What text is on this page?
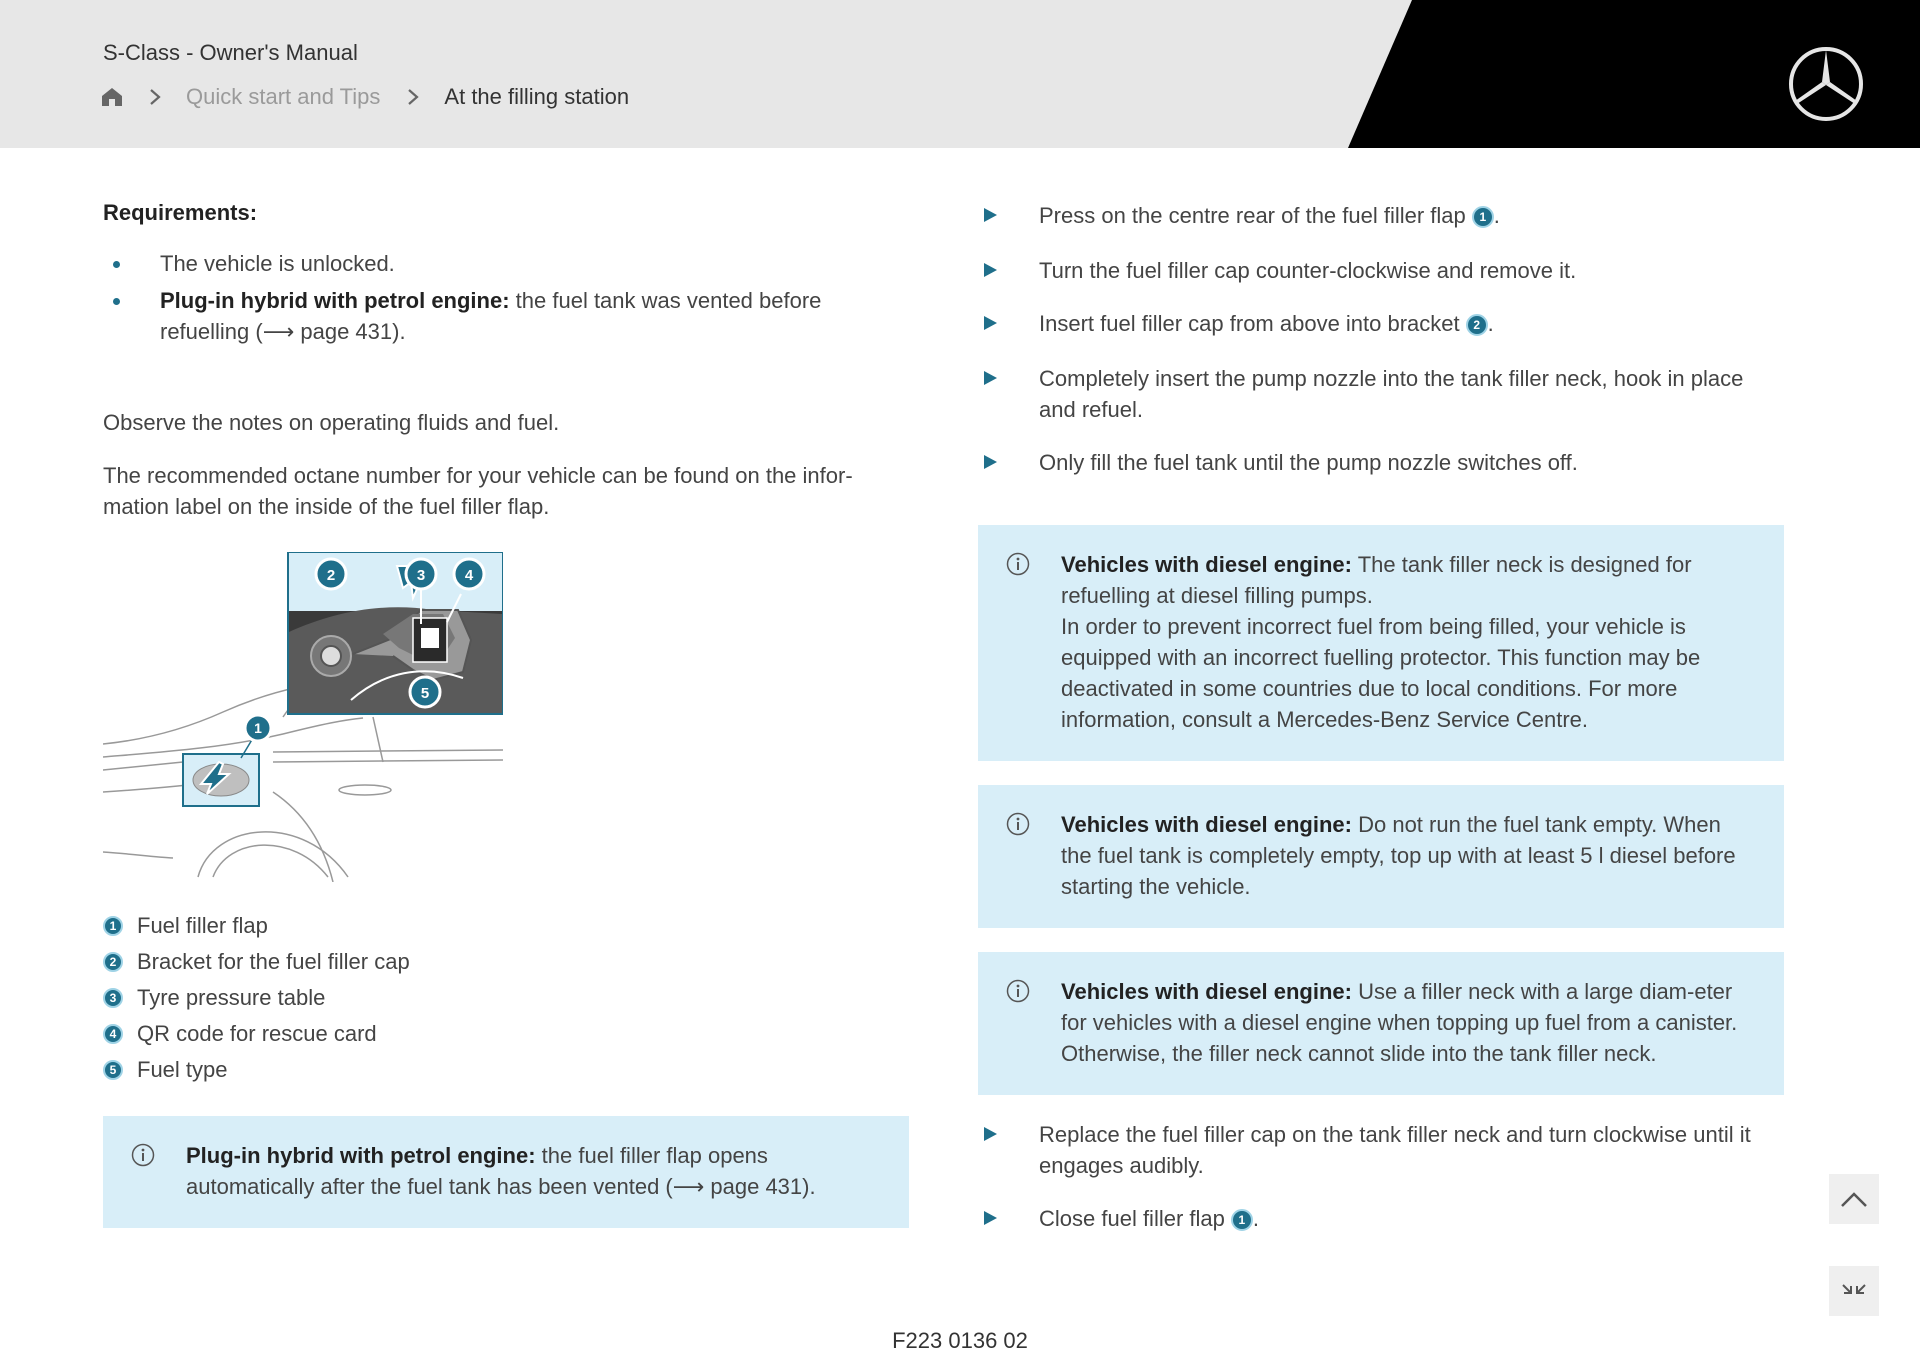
S-Class - Owner's Manual
Quick start and Tips	At the filling station
Requirements:
The vehicle is unlocked.
Plug-in hybrid with petrol engine: the fuel tank was vented before refuelling (⟶ page 431).

Observe the notes on operating fluids and fuel.

The recommended octane number for your vehicle can be found on the infor-mation label on the inside of the fuel filler flap.

1
2	3	4
5
1 Fuel filler flap
2 Bracket for the fuel filler cap
3 Tyre pressure table
4 QR code for rescue card
5 Fuel type
Plug-in hybrid with petrol engine: the fuel filler flap opens automatically after the fuel tank has been vented (⟶ page 431).
Press on the centre rear of the fuel filler flap 1 .
Turn the fuel filler cap counter-clockwise and remove it.
Insert fuel filler cap from above into bracket 2 .
Completely insert the pump nozzle into the tank filler neck, hook in place and refuel.
Only fill the fuel tank until the pump nozzle switches off.
Vehicles with diesel engine: The tank filler neck is designed for refuelling at diesel filling pumps.
In order to prevent incorrect fuel from being filled, your vehicle is equipped with an incorrect fuelling protector. This function may be deactivated in some countries due to local conditions. For more information, consult a Mercedes-Benz Service Centre.
Vehicles with diesel engine: Do not run the fuel tank empty. When the fuel tank is completely empty, top up with at least 5 l diesel before starting the vehicle.
Vehicles with diesel engine: Use a filler neck with a large diam-eter for vehicles with a diesel engine when topping up fuel from a canister. Otherwise, the filler neck cannot slide into the tank filler neck.
Replace the fuel filler cap on the tank filler neck and turn clockwise until it engages audibly.
Close fuel filler flap 1 .
F223 0136 02
